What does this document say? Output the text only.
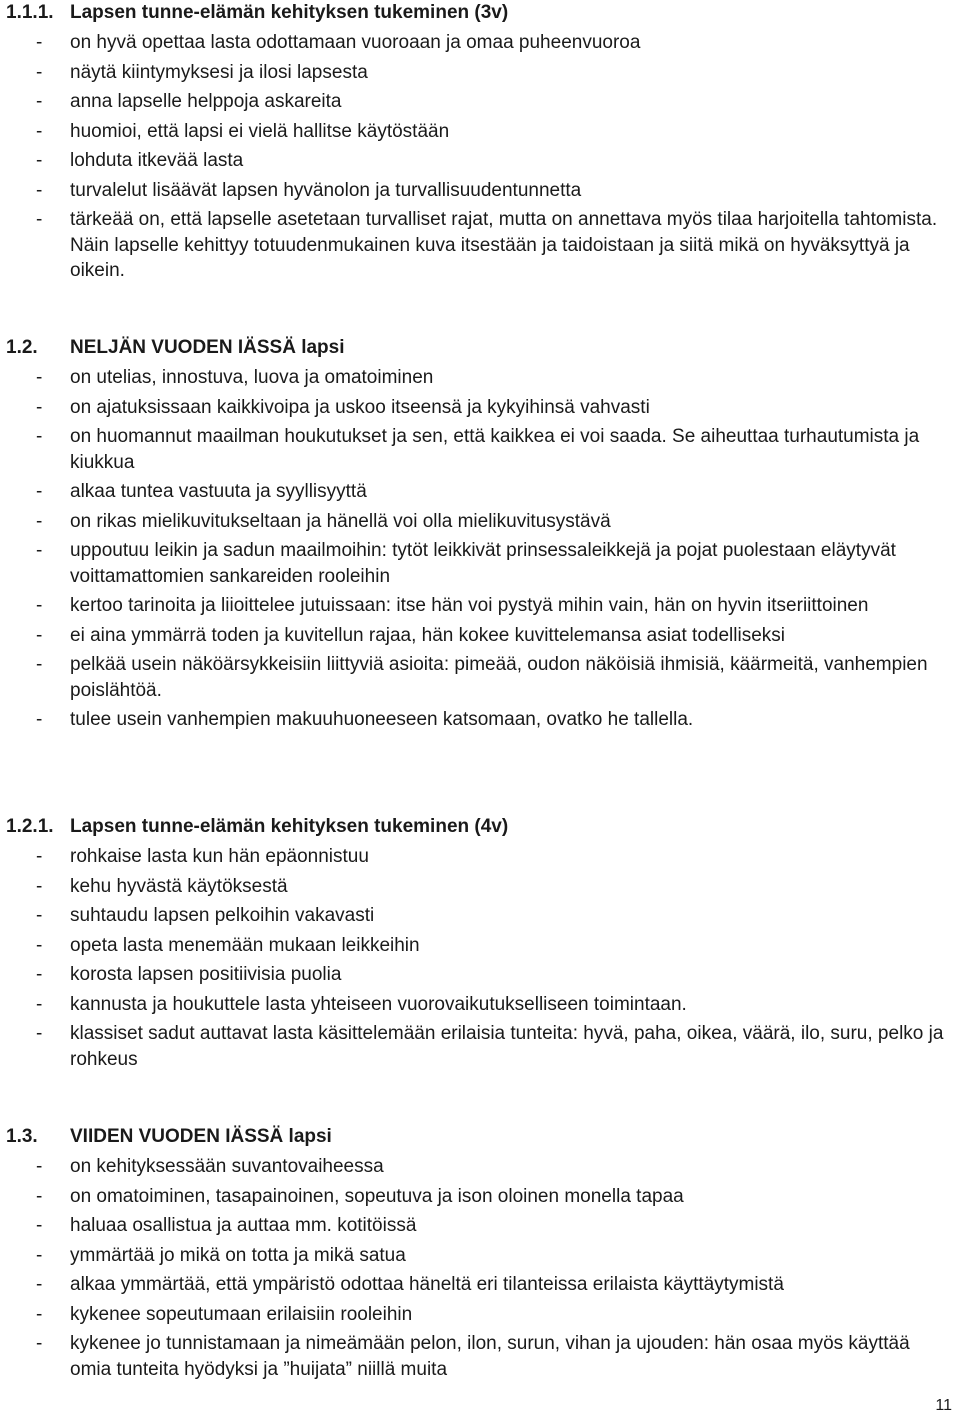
1.1.1. Lapsen tunne-elämän kehityksen tukeminen (3v)
- on hyvä opettaa lasta odottamaan vuoroaan ja omaa puheenvuoroa
- näytä kiintymyksesi ja ilosi lapsesta
- anna lapselle helppoja askareita
- huomioi, että lapsi ei vielä hallitse käytöstään
- lohduta itkevää lasta
- turvalelut lisäävät lapsen hyvänolon ja turvallisuudentunnetta
- tärkeää on, että lapselle asetetaan turvalliset rajat, mutta on annettava myös tilaa harjoitella tahtomista. Näin lapselle kehittyy totuudenmukainen kuva itsestään ja taidoistaan ja siitä mikä on hyväksyttyä ja oikein.
1.2. NELJÄN VUODEN IÄSSÄ lapsi
- on utelias, innostuva, luova ja omatoiminen
- on ajatuksissaan kaikkivoipa ja uskoo itseensä ja kykyihinsä vahvasti
- on huomannut maailman houkutukset ja sen, että kaikkea ei voi saada. Se aiheuttaa turhautumista ja kiukkua
- alkaa tuntea vastuuta ja syyllisyyttä
- on rikas mielikuvitukseltaan ja hänellä voi olla mielikuvitusystävä
- uppoutuu leikin ja sadun maailmoihin: tytöt leikkivät prinsessaleikkejä ja pojat puolestaan eläytyvät voittamattomien sankareiden rooleihin
- kertoo tarinoita ja liioittelee jutuissaan: itse hän voi pystyä mihin vain, hän on hyvin itseriittoinen
- ei aina ymmärrä toden ja kuvitellun rajaa, hän kokee kuvittelemansa asiat todelliseksi
- pelkää usein näköärsykkeisiin liittyviä asioita: pimeää, oudon näköisiä ihmisiä, käärmeitä, vanhempien poislähtöä.
- tulee usein vanhempien makuuhuoneeseen katsomaan, ovatko he tallella.
1.2.1. Lapsen tunne-elämän kehityksen tukeminen (4v)
- rohkaise lasta kun hän epäonnistuu
- kehu hyvästä käytöksestä
- suhtaudu lapsen pelkoihin vakavasti
- opeta lasta menemään mukaan leikkeihin
- korosta lapsen positiivisia puolia
- kannusta ja houkuttele lasta yhteiseen vuorovaikutukselliseen toimintaan.
- klassiset sadut auttavat lasta käsittelemään erilaisia tunteita: hyvä, paha, oikea, väärä, ilo, suru, pelko ja rohkeus
1.3. VIIDEN VUODEN IÄSSÄ lapsi
- on kehityksessään suvantovaiheessa
- on omatoiminen, tasapainoinen, sopeutuva ja ison oloinen monella tapaa
- haluaa osallistua ja auttaa mm. kotitöissä
- ymmärtää jo mikä on totta ja mikä satua
- alkaa ymmärtää, että ympäristö odottaa häneltä eri tilanteissa erilaista käyttäytymistä
- kykenee sopeutumaan erilaisiin rooleihin
- kykenee jo tunnistamaan ja nimeämään pelon, ilon, surun, vihan ja ujouden: hän osaa myös käyttää omia tunteita hyödyksi ja ”huijata” niillä muita
11
